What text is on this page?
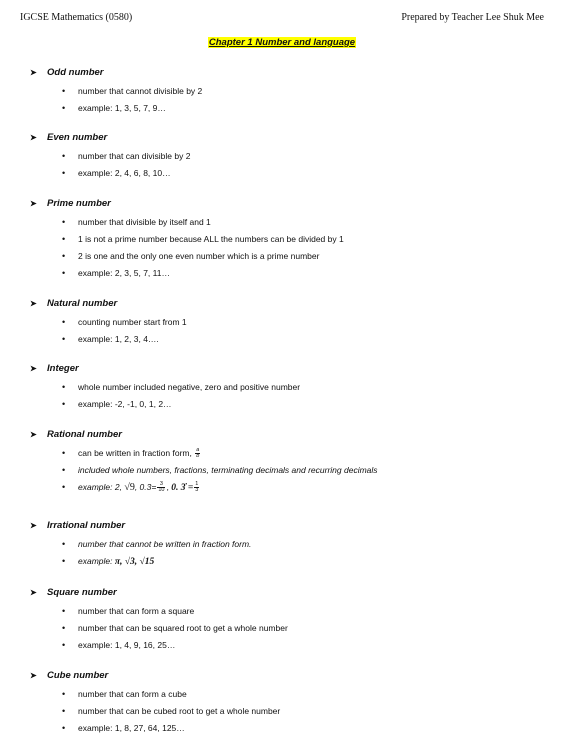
IGCSE Mathematics (0580)	Prepared by Teacher Lee Shuk Mee
Chapter 1 Number and language
➤ Odd number
• number that cannot divisible by 2
• example: 1, 3, 5, 7, 9…
➤ Even number
• number that can divisible by 2
• example: 2, 4, 6, 8, 10…
➤ Prime number
• number that divisible by itself and 1
• 1 is not a prime number because ALL the numbers can be divided by 1
• 2 is one and the only one even number which is a prime number
• example: 2, 3, 5, 7, 11…
➤ Natural number
• counting number start from 1
• example: 1, 2, 3, 4….
➤ Integer
• whole number included negative, zero and positive number
• example: -2, -1, 0, 1, 2…
➤ Rational number
• can be written in fraction form, $\frac{a}{b}$
• included whole numbers, fractions, terminating decimals and recurring decimals
• example: 2, √9, $0.3= \frac{3}{10}$ , 0. 3̇ = $\frac{1}{3}$
➤ Irrational number
• number that cannot be written in fraction form.
• example: π, √3, √15
➤ Square number
• number that can form a square
• number that can be squared root to get a whole number
• example: 1, 4, 9, 16, 25…
➤ Cube number
• number that can form a cube
• number that can be cubed root to get a whole number
• example: 1, 8, 27, 64, 125…
